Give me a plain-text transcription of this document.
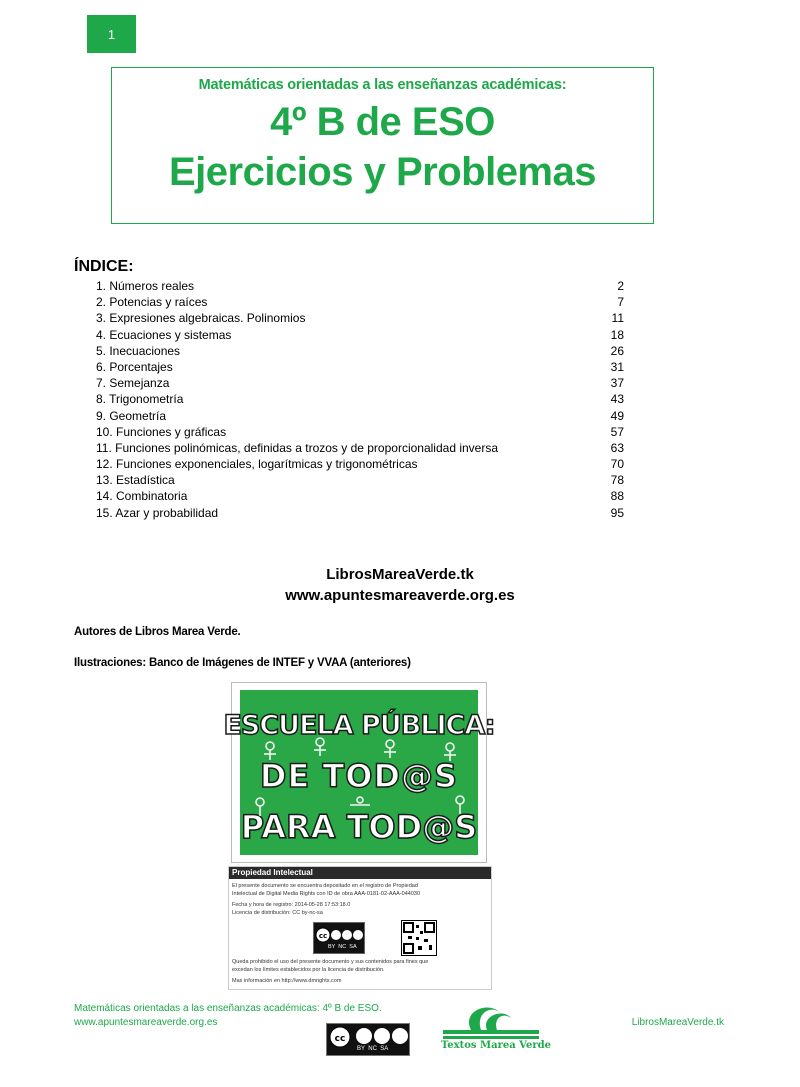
1
Matemáticas orientadas a las enseñanzas académicas:
4º B de ESO
Ejercicios y Problemas
ÍNDICE:
1. Números reales	2
2. Potencias y raíces	7
3. Expresiones algebraicas. Polinomios	11
4. Ecuaciones y sistemas	18
5. Inecuaciones	26
6. Porcentajes	31
7. Semejanza	37
8. Trigonometría	43
9. Geometría	49
10. Funciones y gráficas	57
11. Funciones polinómicas, definidas a trozos y de proporcionalidad inversa	63
12. Funciones exponenciales, logarítmicas y trigonométricas	70
13. Estadística	78
14. Combinatoria	88
15. Azar y probabilidad	95
LibrosMareaVerde.tk
www.apuntesmareaverde.org.es
Autores de Libros Marea Verde.
Ilustraciones: Banco de Imágenes de INTEF y VVAA (anteriores)
ESCUELA PÚBLICA:
DE TOD@S
PARA TOD@S
Propiedad Intelectual
El presente documento se encuentra depositado en el registro de Propiedad
Intelectual de Digital Media Rights con ID de obra AAA-0181-02-AAA-044030
Fecha y hora de registro: 2014-05-28 17:53:18.0
Licencia de distribución: CC by-nc-sa
cc
BY  NC  SA
Queda prohibido el uso del presente documento y sus contenidos para fines que
excedan los límites establecidos por la licencia de distribución.
Mas información en http://www.dmrights.com
Matemáticas orientadas a las enseñanzas académicas: 4º B de ESO.
www.apuntesmareaverde.org.es	LibrosMareaVerde.tk
cc
BY  NC  SA	Textos Marea Verde
